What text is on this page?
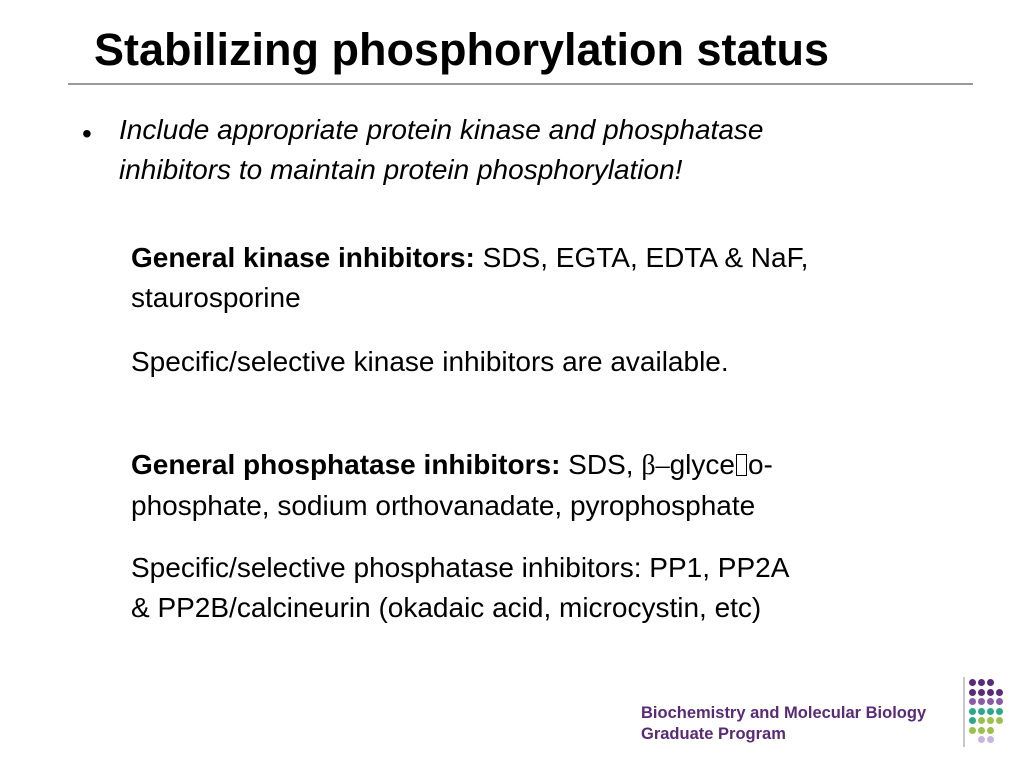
Stabilizing phosphorylation status
• Include appropriate protein kinase and phosphatase
inhibitors to maintain protein phosphorylation!
General kinase inhibitors: SDS, EGTA, EDTA & NaF,
staurosporine
Specific/selective kinase inhibitors are available.
General phosphatase inhibitors: SDS, β–glyce o-
phosphate, sodium orthovanadate, pyrophosphate
Specific/selective phosphatase inhibitors: PP1, PP2A
& PP2B/calcineurin (okadaic acid, microcystin, etc)
Biochemistry and Molecular Biology
Graduate Program
